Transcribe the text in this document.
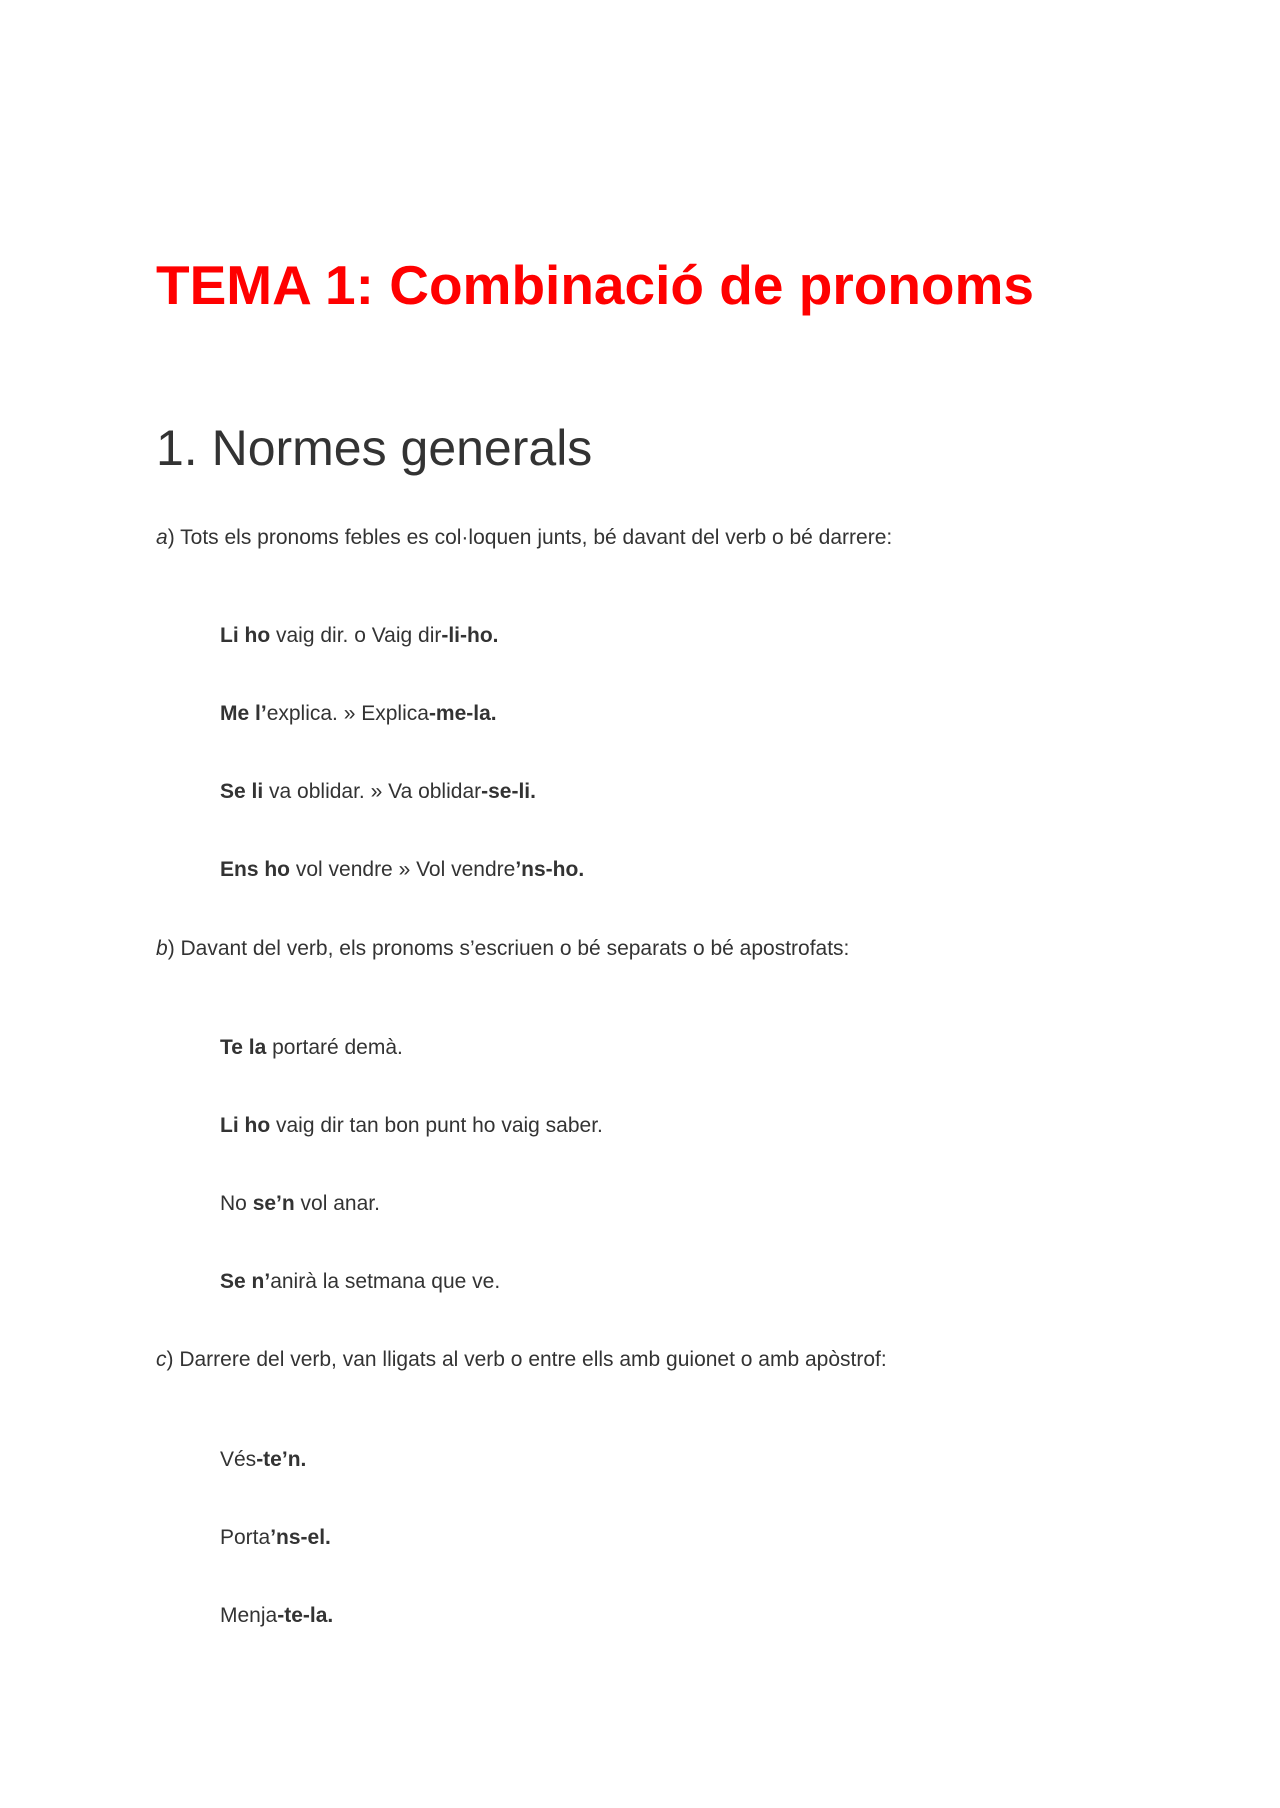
TEMA 1: Combinació de pronoms
1. Normes generals

a) Tots els pronoms febles es col·loquen junts, bé davant del verb o bé darrere:

Li ho vaig dir. o Vaig dir-li-ho.

Me l’explica. » Explica-me-la.

Se li va oblidar. » Va oblidar-se-li.

Ens ho vol vendre » Vol vendre’ns-ho.

b) Davant del verb, els pronoms s’escriuen o bé separats o bé apostrofats:

Te la portaré demà.

Li ho vaig dir tan bon punt ho vaig saber.

No se’n vol anar.

Se n’anirà la setmana que ve.

c) Darrere del verb, van lligats al verb o entre ells amb guionet o amb apòstrof:

Vés-te’n.

Porta’ns-el.

Menja-te-la.
